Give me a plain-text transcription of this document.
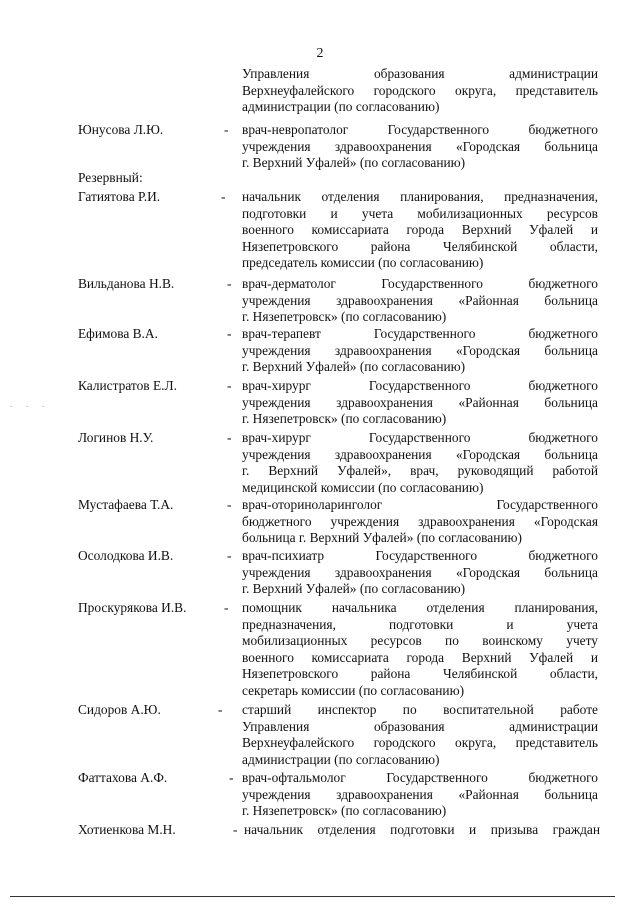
2
Управления образования администрации
Верхнеуфалейского городского округа, представитель
администрации (по согласованию)
Резервный:
Юнусова Л.Ю.	- врач-невропатолог Государственного бюджетного
учреждения здравоохранения «Городская больница
г. Верхний Уфалей» (по согласованию)
Гатиятова Р.И.	- начальник отделения планирования, предназначения,
подготовки и учета мобилизационных ресурсов
военного комиссариата города Верхний Уфалей и
Нязепетровского района Челябинской области,
председатель комиссии (по согласованию)
Вильданова Н.В.	- врач-дерматолог Государственного бюджетного
учреждения здравоохранения «Районная больница
г. Нязепетровск» (по согласованию)
Ефимова В.А.	- врач-терапевт Государственного бюджетного
учреждения здравоохранения «Городская больница
г. Верхний Уфалей» (по согласованию)
Калистратов Е.Л.	- врач-хирург Государственного бюджетного
учреждения здравоохранения «Районная больница
г. Нязепетровск» (по согласованию)
Логинов Н.У.	- врач-хирург Государственного бюджетного
учреждения здравоохранения «Городская больница
г. Верхний Уфалей», врач, руководящий работой
медицинской комиссии (по согласованию)
Мустафаева Т.А.	- врач-оториноларинголог Государственного
бюджетного учреждения здравоохранения «Городская
больница г. Верхний Уфалей» (по согласованию)
Осолодкова И.В.	- врач-психиатр Государственного бюджетного
учреждения здравоохранения «Городская больница
г. Верхний Уфалей» (по согласованию)
Проскурякова И.В.	- помощник начальника отделения планирования,
предназначения, подготовки и учета
мобилизационных ресурсов по воинскому учету
военного комиссариата города Верхний Уфалей и
Нязепетровского района Челябинской области,
секретарь комиссии (по согласованию)
Сидоров А.Ю.	- старший инспектор по воспитательной работе
Управления образования администрации
Верхнеуфалейского городского округа, представитель
администрации (по согласованию)
Фаттахова А.Ф.	- врач-офтальмолог Государственного бюджетного
учреждения здравоохранения «Районная больница
г. Нязепетровск» (по согласованию)
Хотиенкова М.Н.	- начальник отделения подготовки и призыва граждан
. . .
